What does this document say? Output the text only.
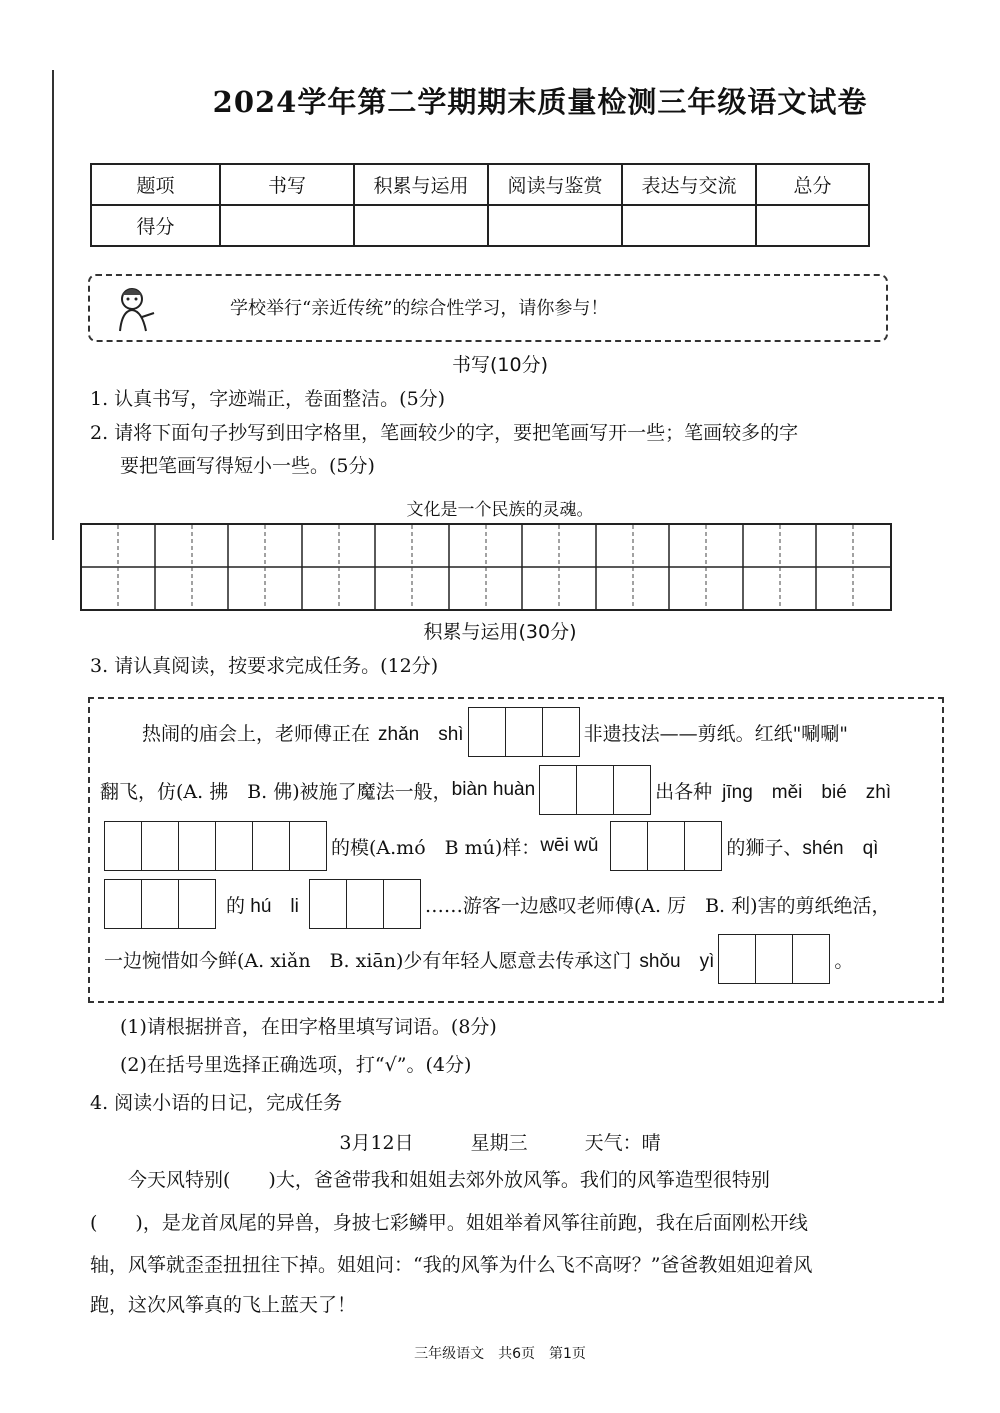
2024学年第二学期期末质量检测三年级语文试卷
题项	书写	积累与运用	阅读与鉴赏	表达与交流	总分
得分					
学校举行“亲近传统”的综合性学习，请你参与！
书写(10分)
1. 认真书写，字迹端正，卷面整洁。(5分)
2. 请将下面句子抄写到田字格里，笔画较少的字，要把笔画写开一些；笔画较多的字
要把笔画写得短小一些。(5分)
文化是一个民族的灵魂。
积累与运用(30分)
3. 请认真阅读，按要求完成任务。(12分)
热闹的庙会上，老师傅正在 zhǎn　shì	非遗技法——剪纸。红纸"唰唰"
翻飞，仿(A. 拂　B. 佛)被施了魔法一般， biàn huàn	出各种 jīng　měi　bié　zhì
的模(A.mó　B mú)样： wēi wǔ	的狮子、 shén　qì
的 hú　li	……游客一边感叹老师傅(A. 厉　B. 利)害的剪纸绝活，
一边惋惜如今鲜(A. xiǎn　B. xiān)少有年轻人愿意去传承这门 shǒu　yì	。
(1)请根据拼音，在田字格里填写词语。(8分)
(2)在括号里选择正确选项，打“√”。(4分)
4. 阅读小语的日记，完成任务
3月12日　　　星期三　　　天气：晴
今天风特别(　　)大，爸爸带我和姐姐去郊外放风筝。我们的风筝造型很特别
(　　)，是龙首凤尾的异兽，身披七彩鳞甲。姐姐举着风筝往前跑，我在后面刚松开线
轴，风筝就歪歪扭扭往下掉。姐姐问：“我的风筝为什么飞不高呀？”爸爸教姐姐迎着风
跑，这次风筝真的飞上蓝天了！
三年级语文　共6页　第1页
